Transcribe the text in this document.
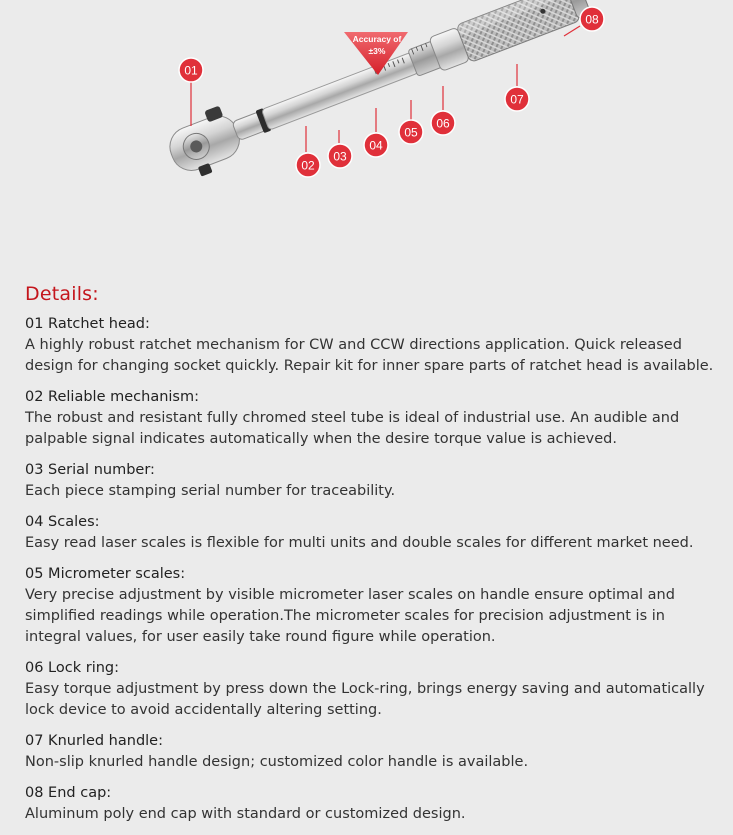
Accuracy of
±3%
01
02
03
04
05
06
07
08
Details:
01 Ratchet head:
A highly robust ratchet mechanism for CW and CCW directions application. Quick released design for changing socket quickly. Repair kit for inner spare parts of ratchet head is available.
02 Reliable mechanism:
The robust and resistant fully chromed steel tube is ideal of industrial use. An audible and palpable signal indicates automatically when the desire torque value is achieved.
03 Serial number:
Each piece stamping serial number for traceability.
04 Scales:
Easy read laser scales is flexible for multi units and double scales for different market need.
05 Micrometer scales:
Very precise adjustment by visible micrometer laser scales on handle ensure optimal and simplified readings while operation.The micrometer scales for precision adjustment is in integral values, for user easily take round figure while operation.
06 Lock ring:
Easy torque adjustment by press down the Lock-ring, brings energy saving and automatically lock device to avoid accidentally altering setting.
07 Knurled handle:
Non-slip knurled handle design; customized color handle is available.
08 End cap:
Aluminum poly end cap with standard or customized design.
